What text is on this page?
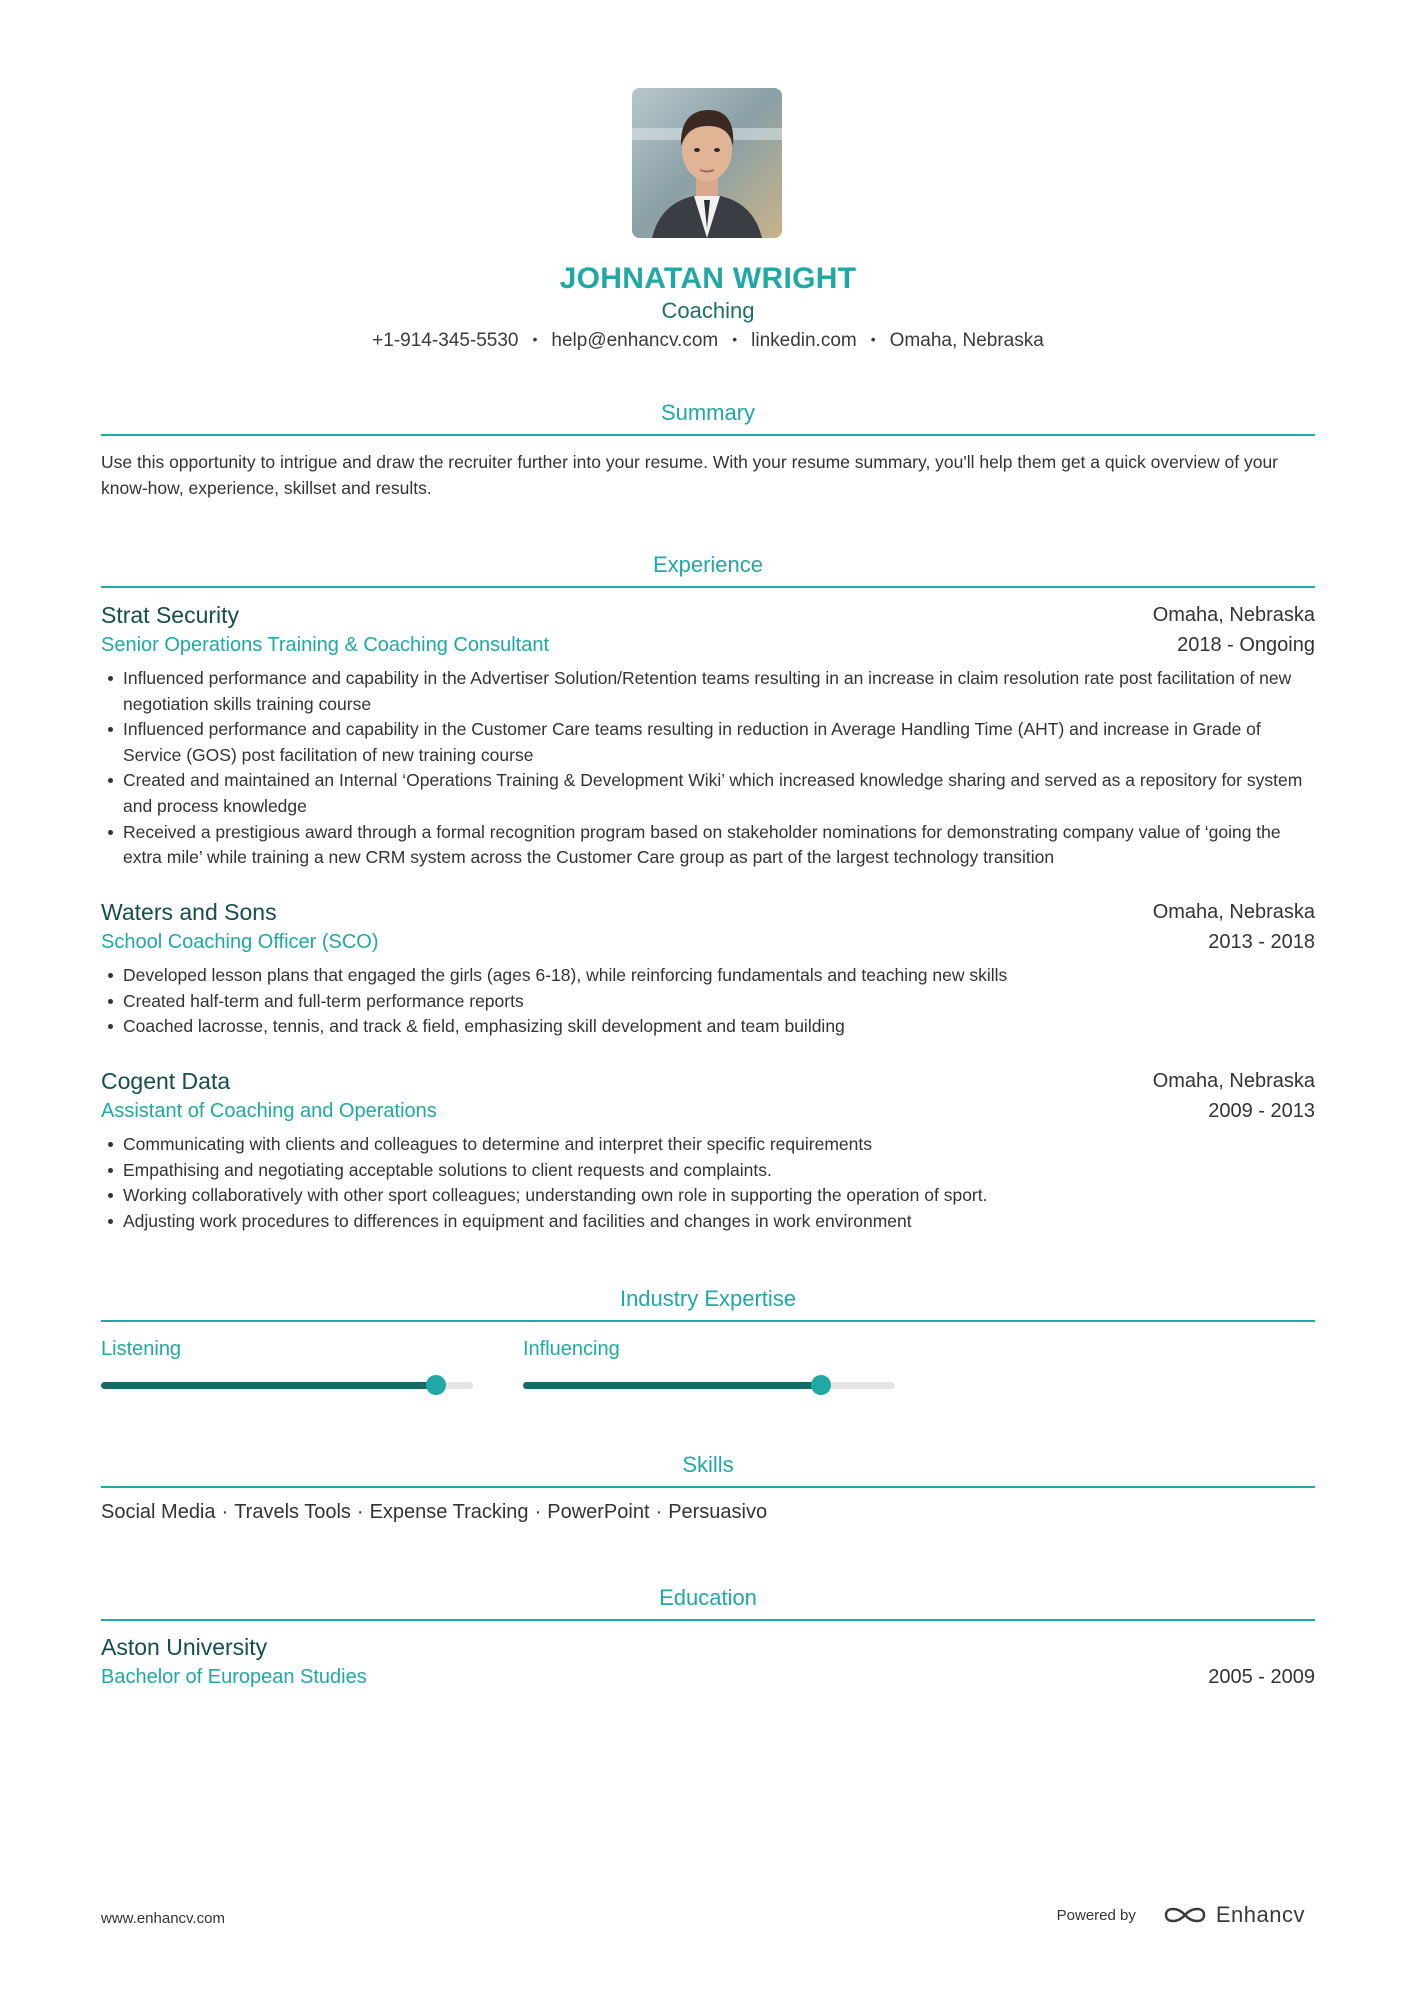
JOHNATAN WRIGHT
Coaching
+1-914-345-5530 • help@enhancv.com • linkedin.com • Omaha, Nebraska
Summary
Use this opportunity to intrigue and draw the recruiter further into your resume. With your resume summary, you'll help them get a quick overview of your know-how, experience, skillset and results.
Experience
Strat Security	Omaha, Nebraska
Senior Operations Training & Coaching Consultant	2018 - Ongoing
Influenced performance and capability in the Advertiser Solution/Retention teams resulting in an increase in claim resolution rate post facilitation of new negotiation skills training course
Influenced performance and capability in the Customer Care teams resulting in reduction in Average Handling Time (AHT) and increase in Grade of Service (GOS) post facilitation of new training course
Created and maintained an Internal ‘Operations Training & Development Wiki’ which increased knowledge sharing and served as a repository for system and process knowledge
Received a prestigious award through a formal recognition program based on stakeholder nominations for demonstrating company value of ‘going the extra mile’ while training a new CRM system across the Customer Care group as part of the largest technology transition
Waters and Sons	Omaha, Nebraska
School Coaching Officer (SCO)	2013 - 2018
Developed lesson plans that engaged the girls (ages 6-18), while reinforcing fundamentals and teaching new skills
Created half-term and full-term performance reports
Coached lacrosse, tennis, and track & field, emphasizing skill development and team building
Cogent Data	Omaha, Nebraska
Assistant of Coaching and Operations	2009 - 2013
Communicating with clients and colleagues to determine and interpret their specific requirements
Empathising and negotiating acceptable solutions to client requests and complaints.
Working collaboratively with other sport colleagues; understanding own role in supporting the operation of sport.
Adjusting work procedures to differences in equipment and facilities and changes in work environment
Industry Expertise
Listening	Influencing
Skills
Social Media · Travels Tools · Expense Tracking · PowerPoint · Persuasivo
Education
Aston University
Bachelor of European Studies	2005 - 2009
www.enhancv.com	Powered by	Enhancv
